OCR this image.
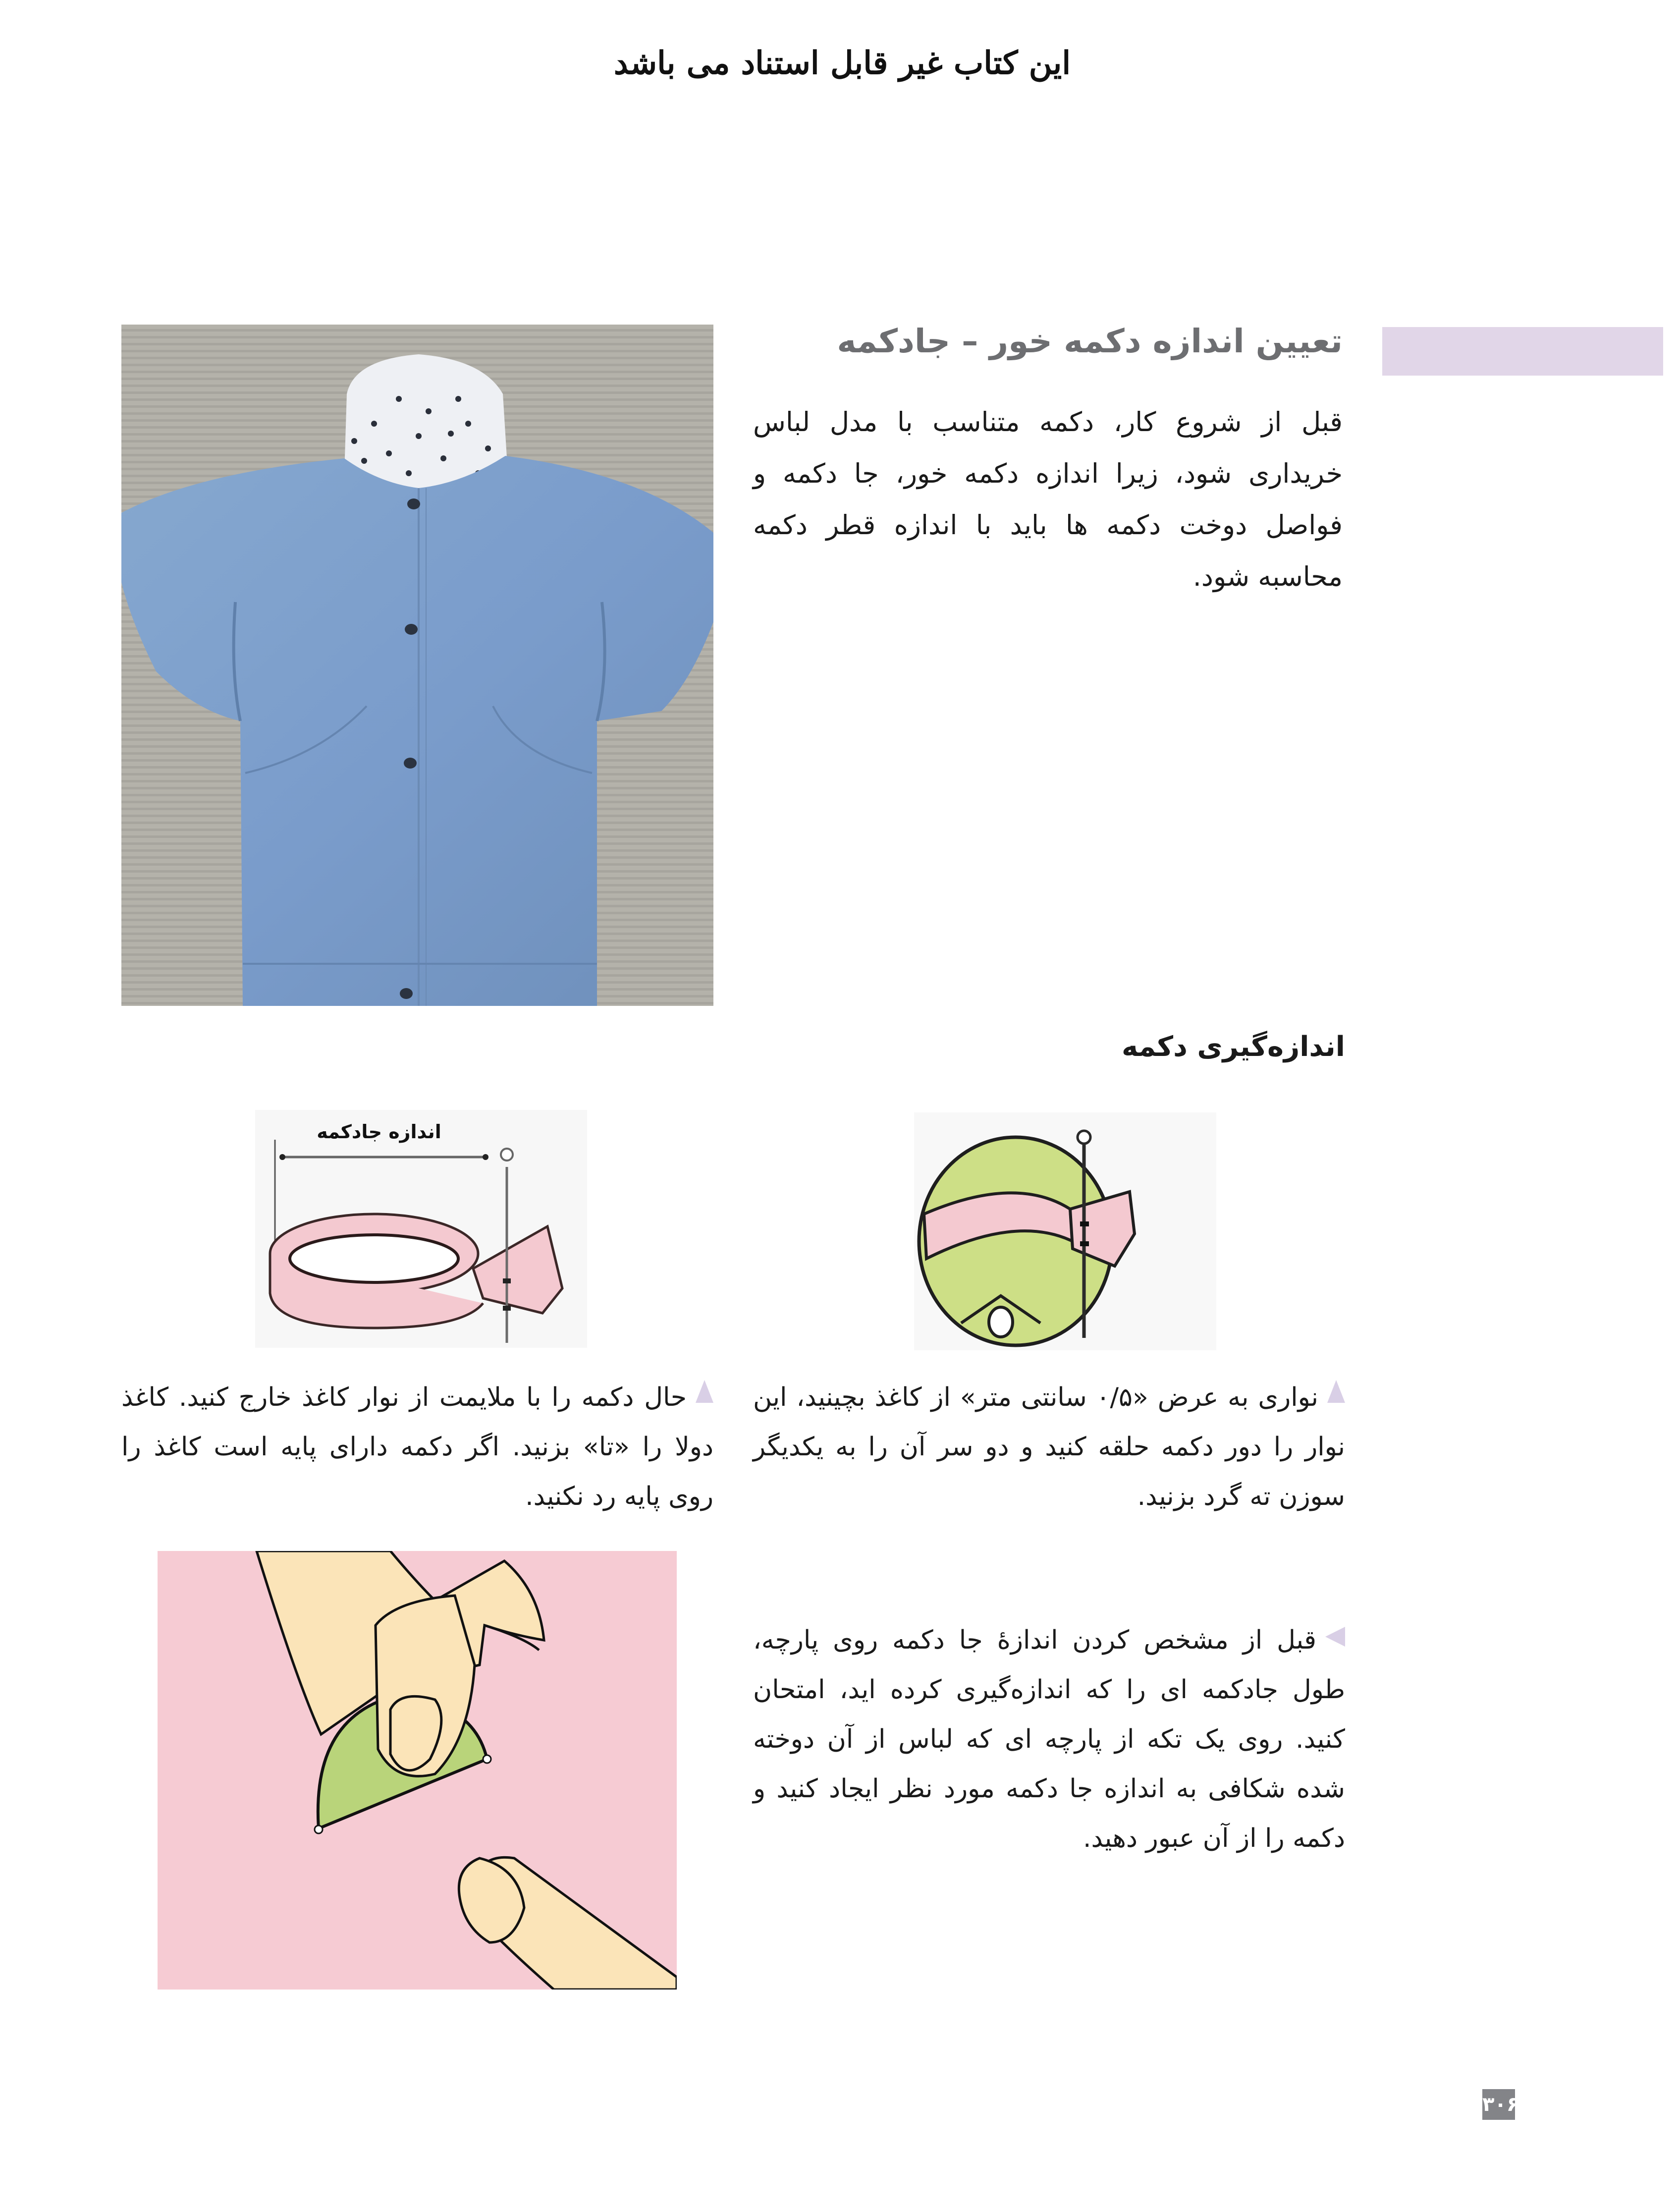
این کتاب غیر قابل استناد می باشد
تعیین اندازه دکمه خور – جادکمه
قبل از شروع کار، دکمه متناسب با مدل لباس خریداری شود، زیرا اندازه دکمه خور، جا دکمه و فواصل دوخت دکمه ها باید با اندازه قطر دکمه محاسبه شود.
اندازه‌گیری دکمه
اندازه جادکمه
نواری به عرض «۰/۵ سانتی متر» از کاغذ بچینید، این نوار را دور دکمه حلقه کنید و دو سر آن را به یکدیگر سوزن ته گرد بزنید.
حال دکمه را با ملایمت از نوار کاغذ خارج کنید. کاغذ دولا را «تا» بزنید. اگر دکمه دارای پایه است کاغذ را روی پایه رد نکنید.
قبل از مشخص کردن اندازهٔ جا دکمه روی پارچه، طول جادکمه ای را که اندازه‌گیری کرده اید، امتحان کنید. روی یک تکه از پارچه ای که لباس از آن دوخته شده شکافی به اندازه جا دکمه مورد نظر ایجاد کنید و دکمه را از آن عبور دهید.
۳۰۶
